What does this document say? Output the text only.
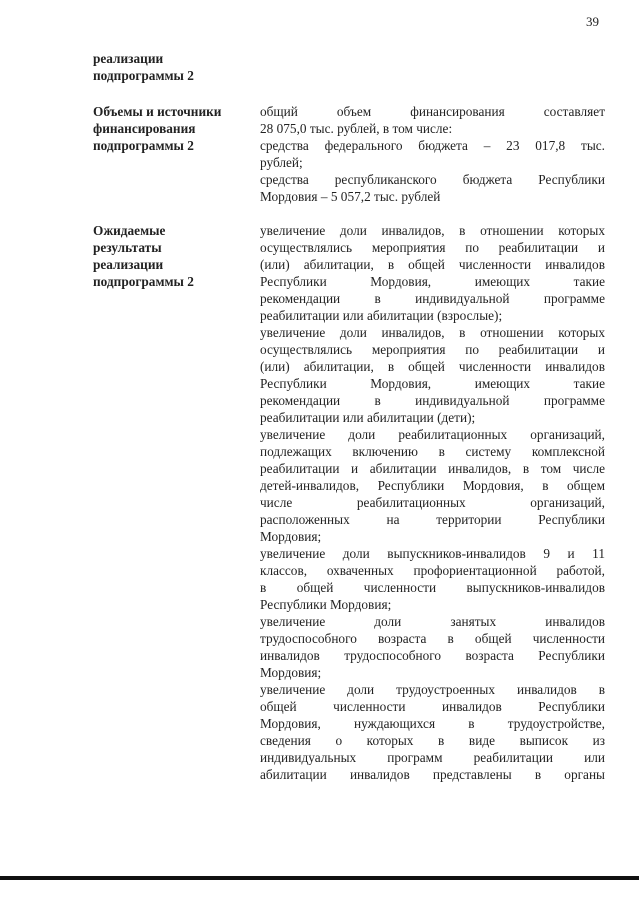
39
реализации
подпрограммы 2
Объемы и источники
финансирования
подпрограммы 2
общий объем финансирования составляет
28 075,0 тыс. рублей, в том числе:
средства федерального бюджета – 23 017,8 тыс.
рублей;
средства республиканского бюджета Республики
Мордовия – 5 057,2 тыс. рублей
Ожидаемые
результаты
реализации
подпрограммы 2
увеличение доли инвалидов, в отношении которых
осуществлялись мероприятия по реабилитации и
(или) абилитации, в общей численности инвалидов
Республики Мордовия, имеющих такие
рекомендации в индивидуальной программе
реабилитации или абилитации (взрослые);
увеличение доли инвалидов, в отношении которых
осуществлялись мероприятия по реабилитации и
(или) абилитации, в общей численности инвалидов
Республики Мордовия, имеющих такие
рекомендации в индивидуальной программе
реабилитации или абилитации (дети);
увеличение доли реабилитационных организаций,
подлежащих включению в систему комплексной
реабилитации и абилитации инвалидов, в том числе
детей-инвалидов, Республики Мордовия, в общем
числе реабилитационных организаций,
расположенных на территории Республики
Мордовия;
увеличение доли выпускников-инвалидов 9 и 11
классов, охваченных профориентационной работой,
в общей численности выпускников-инвалидов
Республики Мордовия;
увеличение доли занятых инвалидов
трудоспособного возраста в общей численности
инвалидов трудоспособного возраста Республики
Мордовия;
увеличение доли трудоустроенных инвалидов в
общей численности инвалидов Республики
Мордовия, нуждающихся в трудоустройстве,
сведения о которых в виде выписок из
индивидуальных программ реабилитации или
абилитации инвалидов представлены в органы
